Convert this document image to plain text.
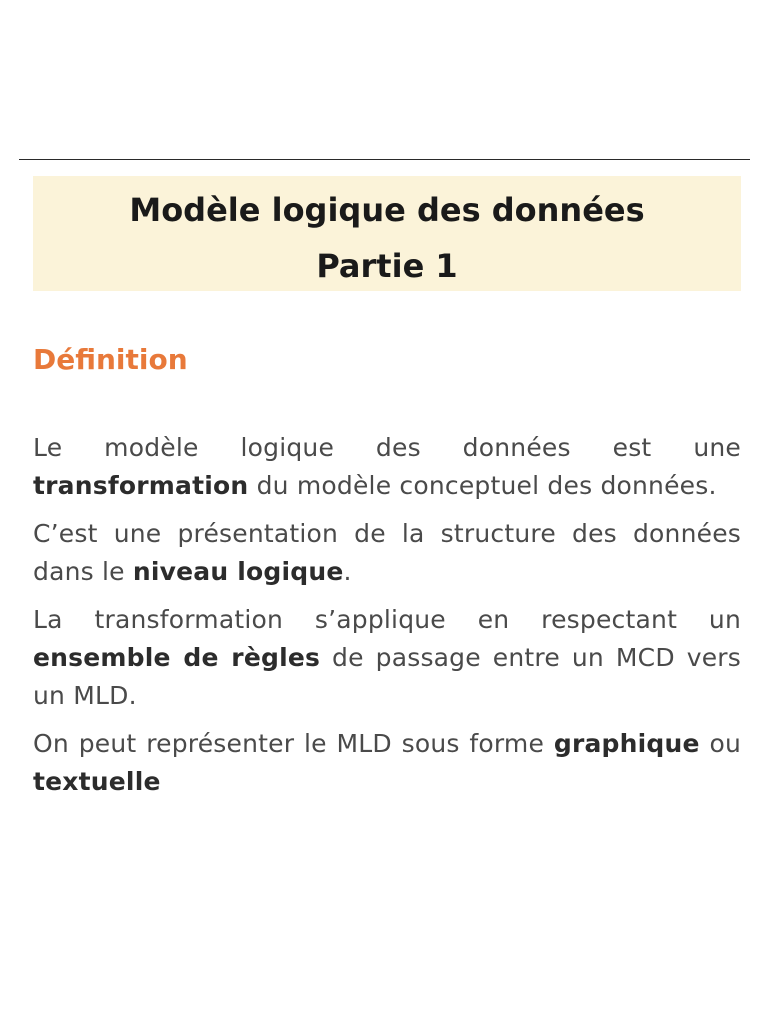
Modèle logique des données
Partie 1
Définition

Le modèle logique des données est une transformation du modèle conceptuel des données.

C’est une présentation de la structure des données dans le niveau logique.

La transformation s’applique en respectant un ensemble de règles de passage entre un MCD vers un MLD.

On peut représenter le MLD sous forme graphique ou textuelle
